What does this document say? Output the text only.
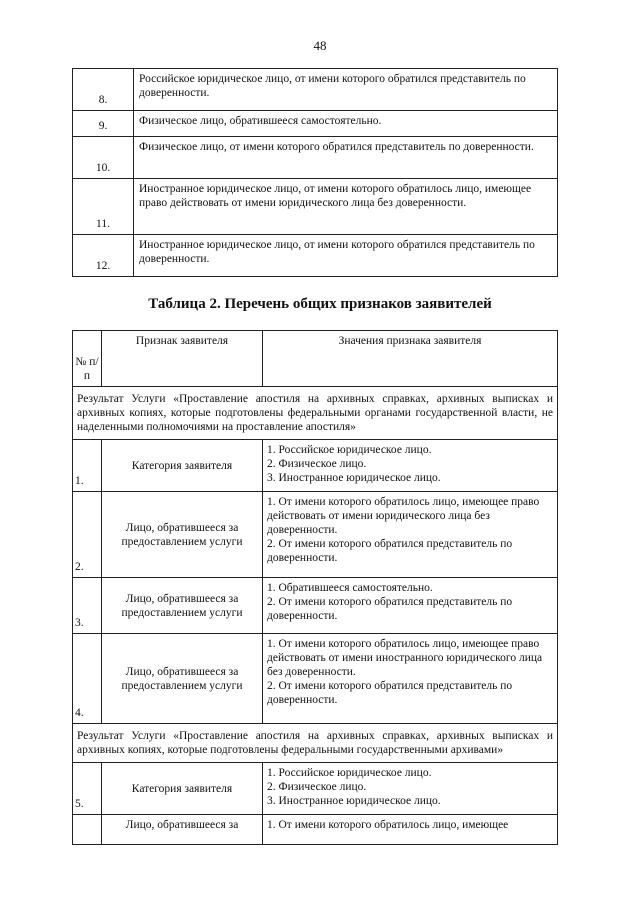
48
8.	Российское юридическое лицо, от имени которого обратился представитель по доверенности.
9.	Физическое лицо, обратившееся самостоятельно.
10.	Физическое лицо, от имени которого обратился представитель по доверенности.
11.	Иностранное юридическое лицо, от имени которого обратилось лицо, имеющее право действовать от имени юридического лица без доверенности.
12.	Иностранное юридическое лицо, от имени которого обратился представитель по доверенности.
Таблица 2. Перечень общих признаков заявителей
№ п/п	Признак заявителя	Значения признака заявителя
Результат Услуги «Проставление апостиля на архивных справках, архивных выписках и архивных копиях, которые подготовлены федеральными органами государственной власти, не наделенными полномочиями на проставление апостиля»		
1.	Категория заявителя	1. Российское юридическое лицо.
2. Физическое лицо.
3. Иностранное юридическое лицо.

2.	Лицо, обратившееся за предоставлением услуги	1. От имени которого обратилось лицо, имеющее право действовать от имени юридического лица без доверенности.
2. От имени которого обратился представитель по доверенности.

3.	Лицо, обратившееся за предоставлением услуги	1. Обратившееся самостоятельно.
2. От имени которого обратился представитель по доверенности.

4.	Лицо, обратившееся за предоставлением услуги	1. От имени которого обратилось лицо, имеющее право действовать от имени иностранного юридического лица без доверенности.
2. От имени которого обратился представитель по доверенности.

Результат Услуги «Проставление апостиля на архивных справках, архивных выписках и архивных копиях, которые подготовлены федеральными государственными архивами»		
5.	Категория заявителя	1. Российское юридическое лицо.
2. Физическое лицо.
3. Иностранное юридическое лицо.

	Лицо, обратившееся за	1. От имени которого обратилось лицо, имеющее
